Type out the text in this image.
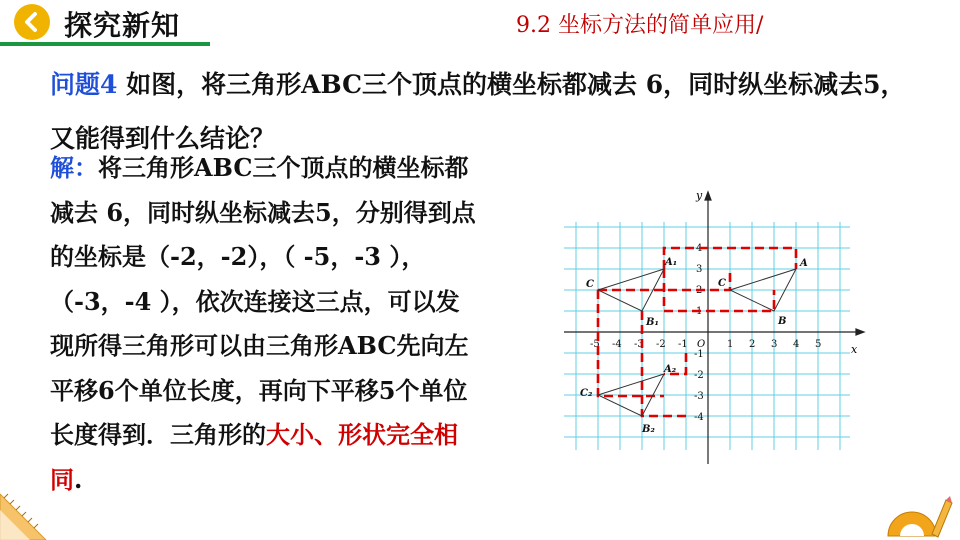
探究新知	9.2 坐标方法的简单应用/
问题4 如图，将三角形ABC三个顶点的横坐标都减去 6，同时纵坐标减去5，又能得到什么结论？
解：将三角形ABC三个顶点的横坐标都减去 6，同时纵坐标减去5，分别得到点的坐标是（-2，-2），（ -5，-3 ），（-3，-4 ），依次连接这三点，可以发现所得三角形可以由三角形ABC先向左平移6个单位长度，再向下平移5个单位长度得到．三角形的大小、形状完全相同.
x
y
O
-5 -4 -3 -2 -1	1 2 3 4 5
4
3
2
1
-1
-2
-3
-4
A
B
C
A₁
B₁
C
A₂
B₂
C₂
